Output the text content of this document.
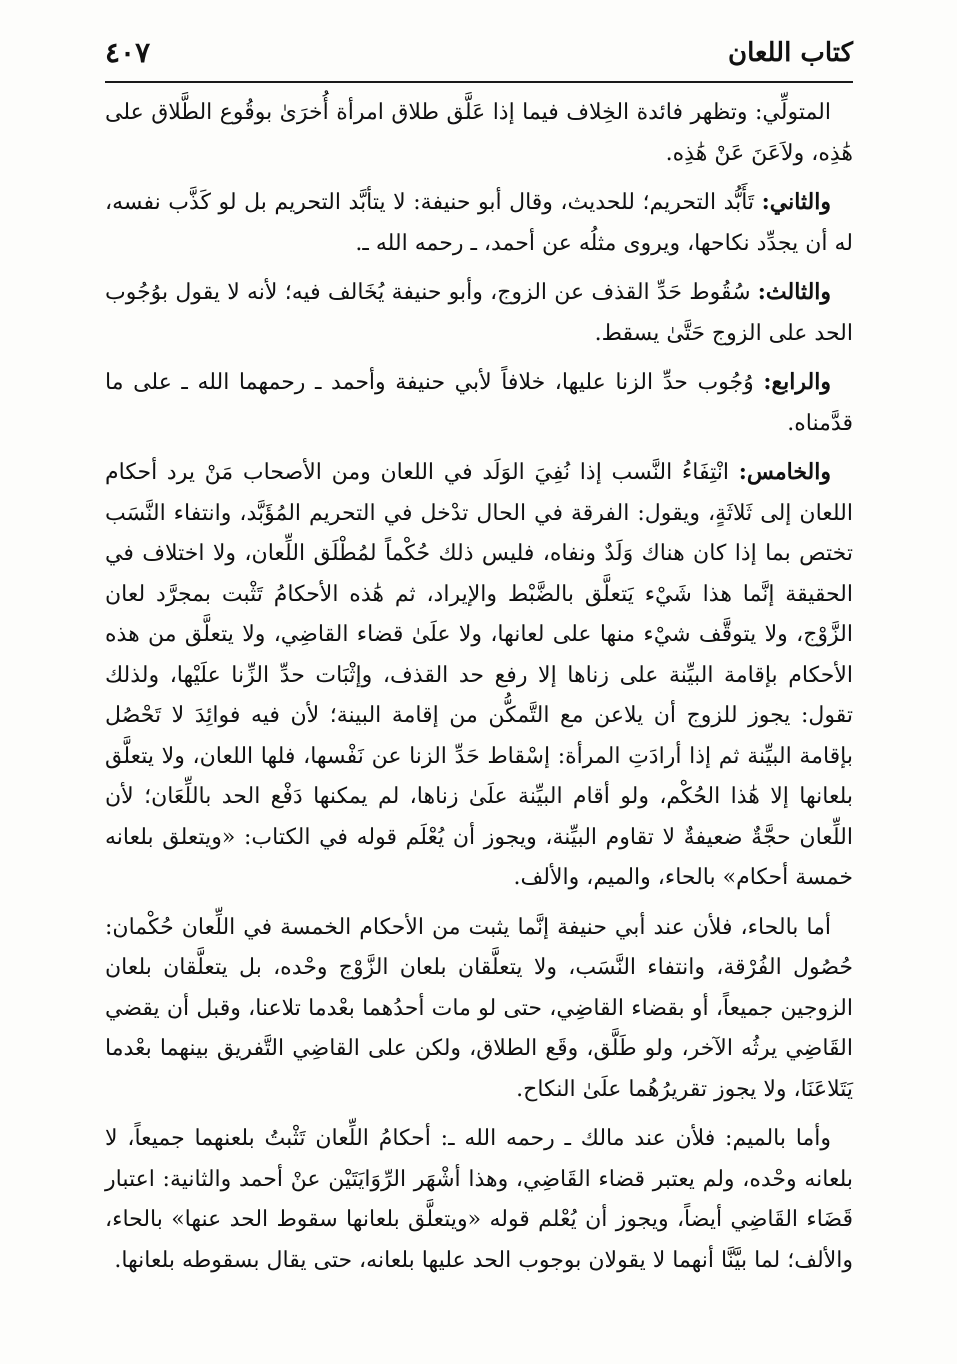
كتاب اللعان
٤٠٧

المتولِّي: وتظهر فائدة الخِلاف فيما إذا عَلَّق طلاق امرأة أُخرَىٰ بوقُوع الطَّلاق على هَٰذِه، ولاَعَنَ عَنْ هَٰذِه.

والثاني: تَأَبُّد التحريم؛ للحديث، وقال أبو حنيفة: لا يتأبَّد التحريم بل لو كَذَّب نفسه، له أن يجدِّد نكاحها، ويروى مثلُه عن أحمد، ـ رحمه الله ـ.

والثالث: سُقُوط حَدِّ القذف عن الزوج، وأبو حنيفة يُخَالف فيه؛ لأنه لا يقول بوُجُوب الحد على الزوج حَتَّىٰ يسقط.

والرابع: وُجُوب حدِّ الزنا عليها، خلافاً لأبي حنيفة وأحمد ـ رحمهما الله ـ على ما قدَّمناه.

والخامس: انْتِفَاءُ النَّسب إذا نُفِيَ الوَلَد في اللعان ومن الأصحاب مَنْ يرد أحكام اللعان إلى ثَلاثَةٍ، ويقول: الفرقة في الحال تدْخل في التحريم المُؤَبَّد، وانتفاء النَّسَب تختص بما إذا كان هناك وَلَدٌ ونفاه، فليس ذلك حُكْماً لمُطْلَق اللِّعان، ولا اختلاف في الحقيقة إنَّما هذا شَيْء يَتعلَّق بالضَّبْط والإيراد، ثم هَٰذه الأحكامُ تَثْبت بمجرَّد لعان الزَّوْج، ولا يتوقَّف شيْء منها على لعانها، ولا علَىٰ قضاء القاضِي، ولا يتعلَّق من هذه الأحكام بإقامة البيِّنة على زناها إلا رفع حد القذف، وإثْبَات حدِّ الزِّنا علَيْها، ولذلك تقول: يجوز للزوج أن يلاعن مع التَّمكُّن من إقامة البينة؛ لأن فيه فوائِدَ لا تَحْصُل بإقامة البيِّنة ثم إذا أرادَتِ المرأة: إسْقاط حَدِّ الزنا عن نَفْسها، فلها اللعان، ولا يتعلَّق بلعانها إلا هَٰذا الحُكْم، ولو أقام البيِّنة علَىٰ زناها، لم يمكنها دَفْع الحد باللِّعَان؛ لأن اللِّعان حجَّةٌ ضعيفةٌ لا تقاوم البيِّنة، ويجوز أن يُعْلَم قوله في الكتاب: «ويتعلق بلعانه خمسة أحكام» بالحاء، والميم، والألف.

أما بالحاء، فلأن عند أبي حنيفة إنَّما يثبت من الأحكام الخمسة في اللِّعان حُكْمان: حُصُول الفُرْقة، وانتفاء النَّسَب، ولا يتعلَّقان بلعان الزَّوْج وحْده، بل يتعلَّقان بلعان الزوجين جميعاً، أو بقضاء القاضِي، حتى لو مات أحدُهما بعْدما تلاعنا، وقبل أن يقضي القَاضِي يرثُه الآخر، ولو طَلَّق، وقَع الطلاق، ولكن على القاضِي التَّفريق بينهما بعْدما يَتَلاعَنَا، ولا يجوز تقريرُهُما علَىٰ النكاح.

وأما بالميم: فلأن عند مالك ـ رحمه الله ـ: أحكامُ اللِّعان تَثْبتُ بلعنهما جميعاً، لا بلعانه وحْده، ولم يعتبر قضاء القَاضِي، وهذا أشْهَر الرِّوَايَتَيْن عنْ أحمد والثانية: اعتبار قَضَاء القَاضِي أيضاً، ويجوز أن يُعْلم قوله «ويتعلَّق بلعانها سقوط الحد عنها» بالحاء، والألف؛ لما بيَّنَّا أنهما لا يقولان بوجوب الحد عليها بلعانه، حتى يقال بسقوطه بلعانها.
